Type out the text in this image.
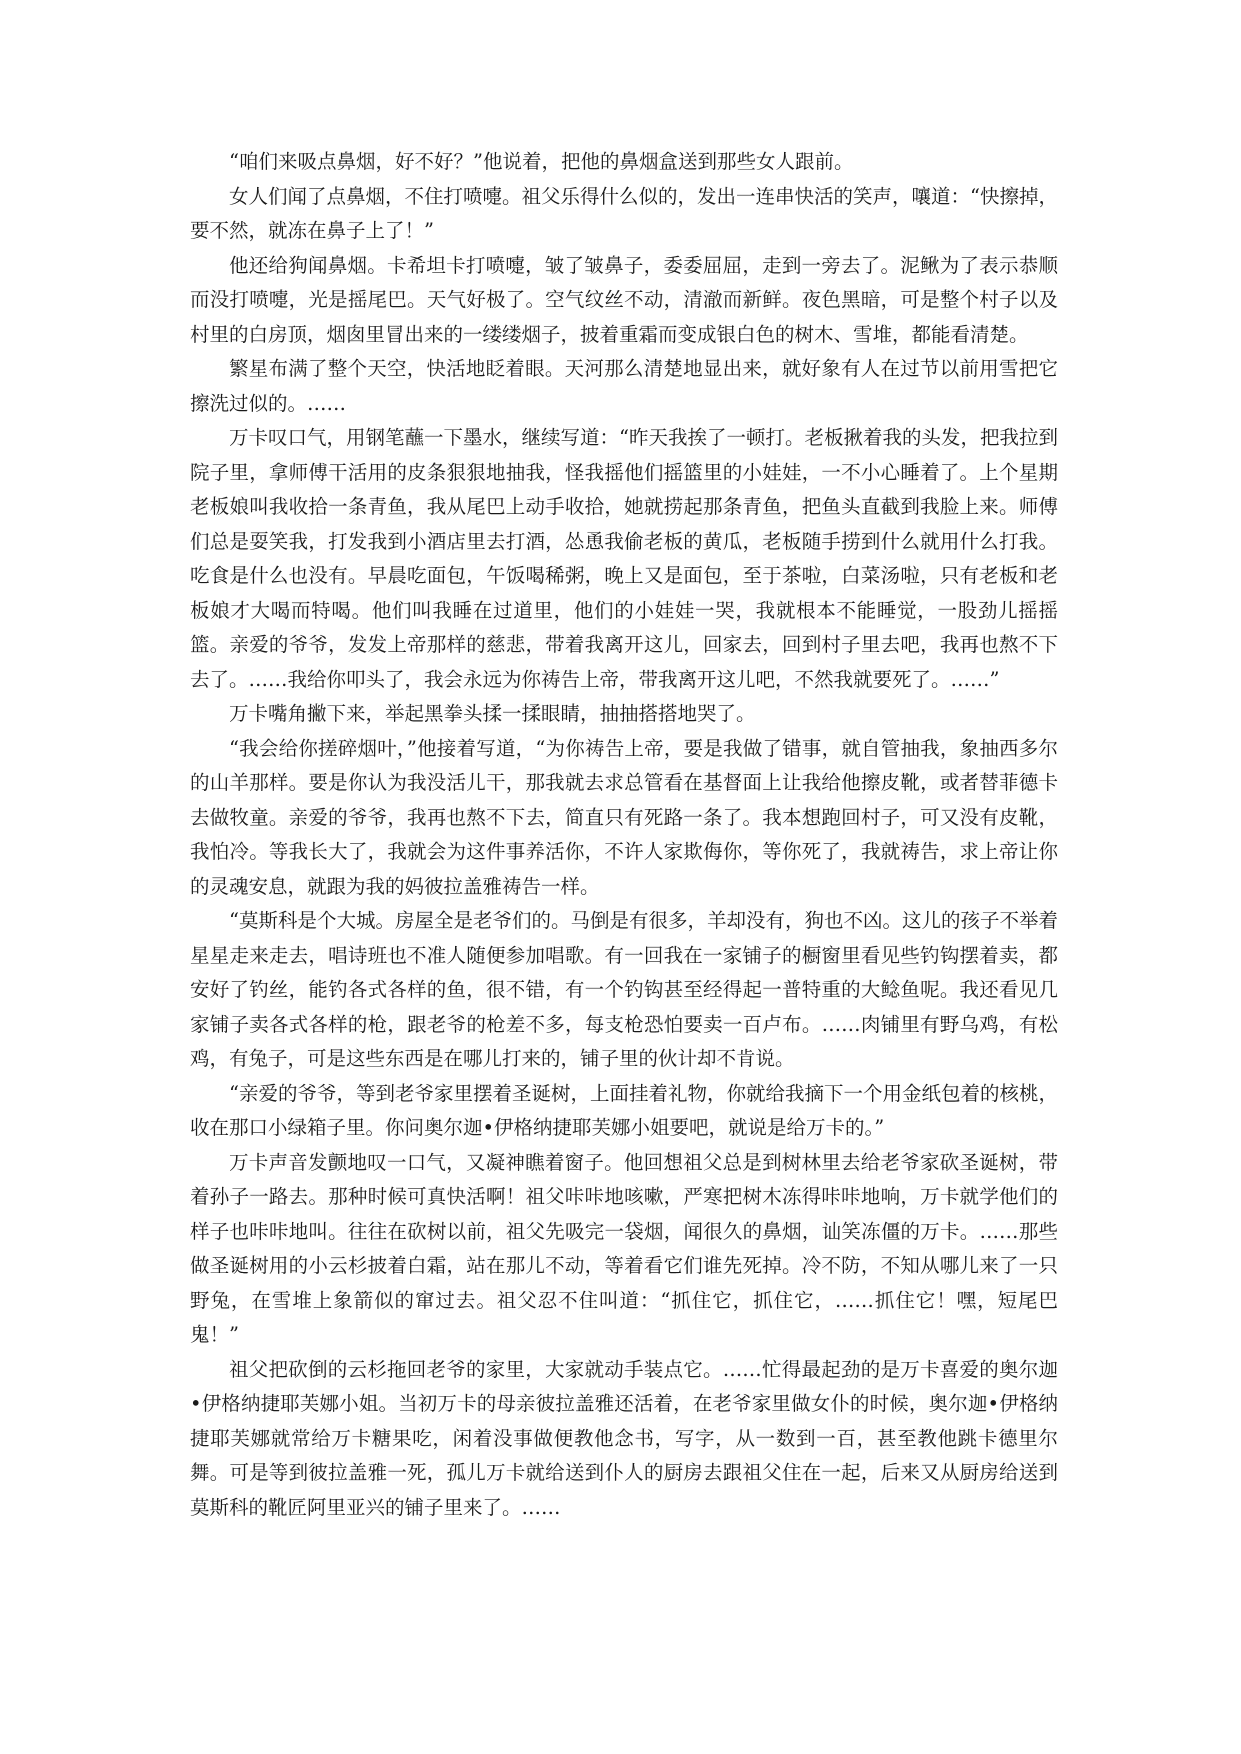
“咱们来吸点鼻烟，好不好？”他说着，把他的鼻烟盒送到那些女人跟前。

女人们闻了点鼻烟，不住打喷嚏。祖父乐得什么似的，发出一连串快活的笑声，嚷道：“快擦掉，要不然，就冻在鼻子上了！”

他还给狗闻鼻烟。卡希坦卡打喷嚏，皱了皱鼻子，委委屈屈，走到一旁去了。泥鳅为了表示恭顺而没打喷嚏，光是摇尾巴。天气好极了。空气纹丝不动，清澈而新鲜。夜色黑暗，可是整个村子以及村里的白房顶，烟囱里冒出来的一缕缕烟子，披着重霜而变成银白色的树木、雪堆，都能看清楚。

繁星布满了整个天空，快活地眨着眼。天河那么清楚地显出来，就好象有人在过节以前用雪把它擦洗过似的。……

万卡叹口气，用钢笔蘸一下墨水，继续写道：“昨天我挨了一顿打。老板揪着我的头发，把我拉到院子里，拿师傅干活用的皮条狠狠地抽我，怪我摇他们摇篮里的小娃娃，一不小心睡着了。上个星期老板娘叫我收拾一条青鱼，我从尾巴上动手收拾，她就捞起那条青鱼，把鱼头直截到我脸上来。师傅们总是耍笑我，打发我到小酒店里去打酒，怂恿我偷老板的黄瓜，老板随手捞到什么就用什么打我。吃食是什么也没有。早晨吃面包，午饭喝稀粥，晚上又是面包，至于茶啦，白菜汤啦，只有老板和老板娘才大喝而特喝。他们叫我睡在过道里，他们的小娃娃一哭，我就根本不能睡觉，一股劲儿摇摇篮。亲爱的爷爷，发发上帝那样的慈悲，带着我离开这儿，回家去，回到村子里去吧，我再也熬不下去了。……我给你叩头了，我会永远为你祷告上帝，带我离开这儿吧，不然我就要死了。……”

万卡嘴角撇下来，举起黑拳头揉一揉眼睛，抽抽搭搭地哭了。

“我会给你搓碎烟叶，”他接着写道，“为你祷告上帝，要是我做了错事，就自管抽我，象抽西多尔的山羊那样。要是你认为我没活儿干，那我就去求总管看在基督面上让我给他擦皮靴，或者替菲德卡去做牧童。亲爱的爷爷，我再也熬不下去，简直只有死路一条了。我本想跑回村子，可又没有皮靴，我怕冷。等我长大了，我就会为这件事养活你，不许人家欺侮你，等你死了，我就祷告，求上帝让你的灵魂安息，就跟为我的妈彼拉盖雅祷告一样。

“莫斯科是个大城。房屋全是老爷们的。马倒是有很多，羊却没有，狗也不凶。这儿的孩子不举着星星走来走去，唱诗班也不准人随便参加唱歌。有一回我在一家铺子的橱窗里看见些钓钩摆着卖，都安好了钓丝，能钓各式各样的鱼，很不错，有一个钓钩甚至经得起一普特重的大鲶鱼呢。我还看见几家铺子卖各式各样的枪，跟老爷的枪差不多，每支枪恐怕要卖一百卢布。……肉铺里有野乌鸡，有松鸡，有兔子，可是这些东西是在哪儿打来的，铺子里的伙计却不肯说。

“亲爱的爷爷，等到老爷家里摆着圣诞树，上面挂着礼物，你就给我摘下一个用金纸包着的核桃，收在那口小绿箱子里。你问奥尔迦•伊格纳捷耶芙娜小姐要吧，就说是给万卡的。”

万卡声音发颤地叹一口气，又凝神瞧着窗子。他回想祖父总是到树林里去给老爷家砍圣诞树，带着孙子一路去。那种时候可真快活啊！祖父咔咔地咳嗽，严寒把树木冻得咔咔地响，万卡就学他们的样子也咔咔地叫。往往在砍树以前，祖父先吸完一袋烟，闻很久的鼻烟，讪笑冻僵的万卡。……那些做圣诞树用的小云杉披着白霜，站在那儿不动，等着看它们谁先死掉。冷不防，不知从哪儿来了一只野兔，在雪堆上象箭似的窜过去。祖父忍不住叫道：“抓住它，抓住它，……抓住它！嘿，短尾巴鬼！”

祖父把砍倒的云杉拖回老爷的家里，大家就动手装点它。……忙得最起劲的是万卡喜爱的奥尔迦•伊格纳捷耶芙娜小姐。当初万卡的母亲彼拉盖雅还活着，在老爷家里做女仆的时候，奥尔迦•伊格纳捷耶芙娜就常给万卡糖果吃，闲着没事做便教他念书，写字，从一数到一百，甚至教他跳卡德里尔舞。可是等到彼拉盖雅一死，孤儿万卡就给送到仆人的厨房去跟祖父住在一起，后来又从厨房给送到莫斯科的靴匠阿里亚兴的铺子里来了。……
